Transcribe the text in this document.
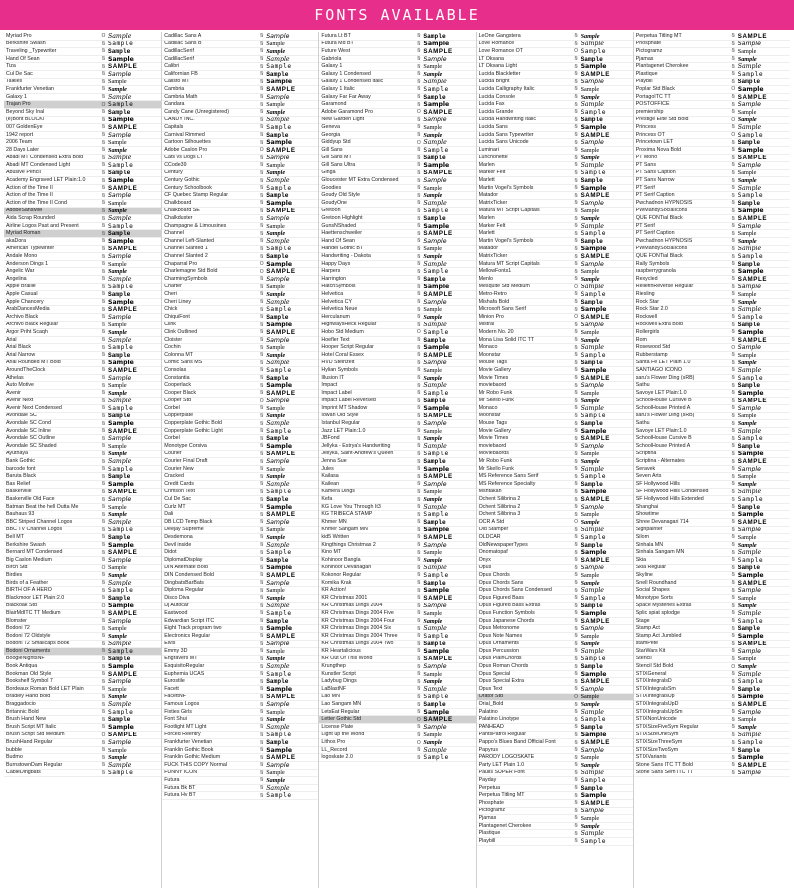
FONTS AVAILABLE
Myriad Pro	O Sample
Berkshire Swash	Ꞩ Sample
Traveling _Typewriter	Ꞩ Sample
Hand Of Sean	Ꞩ Sample
Tiza	Ꞩ SAMPLE
Cul De Sac	Ꞩ Sample
Talkies	Ꞩ Sample
Frankfurter Venetian	Ꞩ Sample
Galaxy 1	Ꞩ Sample
Trajan Pro	O Sample
Beyond Sky Inal	Ꞩ Sample
(e)Bont BLOCKi	Ꞩ Sample
007 GoldenEye	Ꞩ SAMPLE
1942 report	Ꞩ Sample
2006 Team	Ꞩ Sample
28 Days Later	Ꞩ Sample
Abadi MT Condensed Extra Bold	Ꞩ Sample
Abadi MT Condensed Light	Ꞩ Sample
Abusive Pencil	Ꞩ Sample
Academy Engraved LET Plain:1.0	Ꞩ Sample
Action of the Time II	Ꞩ SAMPLE
Action of the Time II	Ꞩ Sample
Action of the Time II Cond	Ꞩ Sample
AdobeSansMM	Ꞩ Sample
Aida Scrap Rounded	Ꞩ Sample
Airline Logos Past and Present	Ꞩ Sample
Myriad Roman	Ꞩ Sample
akaDora	Ꞩ Sample
American Typewriter	Ꞩ SAMPLE
Andale Mono	Ꞩ Sample
Anderson Dings 1	Ꞩ Sample
Angelic War	Ꞩ Sample
Angelina	Ꞩ Sample
Apple Braille	Ꞩ Sample
Apple Casual	Ꞩ Sample
Apple Chancery	Ꞩ Sample
ArabDancesMedia	Ꞩ SAMPLE
Archivo Black	Ꞩ Sample
Archivo Black Regular	Ꞩ Sample
Argor Priht Scaqh	Ꞩ Sample
Arial	Ꞩ Sample
Arial Black	Ꞩ Sample
Arial Narrow	Ꞩ Sample
Arial Rounded MT Bold	Ꞩ Sample
AroundTheClock	Ꞩ SAMPLE
Athelas	Ꞩ Sample
Auto Motive	Ꞩ Sample
Avenir	Ꞩ Sample
Avenir Next	Ꞩ Sample
Avenir Next Condensed	Ꞩ Sample
Avondale SC	Ꞩ Sample
Avondale SC Cond	Ꞩ Sample
Avondale SC Inline	Ꞩ SAMPLE
Avondale SC Outline	Ꞩ Sample
Avondale SC Shaded	Ꞩ Sample
Ayuthaya	Ꞩ Sample
Bank Gothic	Ꞩ Sample
barcode font	Ꞩ Sample
Baruta Black	Ꞩ Sample
Bas Relief	Ꞩ Sample
Baskerville	Ꞩ SAMPLE
Baskerville Old Face	Ꞩ Sample
Batman Beat the hell Outta Me	Ꞩ Sample
Bauhaus 93	Ꞩ Sample
BBC Striped Channel Logos	Ꞩ Sample
BBC TV Channel Logos	Ꞩ Sample
Bell MT	Ꞩ Sample
Berkshire Swash	Ꞩ Sample
Bernard MT Condensed	Ꞩ SAMPLE
Big Caslon Medium	Ꞩ Sample
Birch Std	O Sample
Birdies	Ꞩ Sample
Birds of a Feather	Ꞩ Sample
BIRTH OF A HERO	Ꞩ Sample
Blackmoor LET Plain:2.0	Ꞩ Sample
Blackoak Std	O Sample
BlairMdITC TT Medium	Ꞩ SAMPLE
Blomster	Ꞩ Sample
Bodoni 72	Ꞩ Sample
Bodoni 72 Oldstyle	Ꞩ Sample
Bodoni 72 Smallcaps Book	Ꞩ Sample
Bodoni Ornaments	Ꞩ Sample
BoogieNightsNF	Ꞩ Sample
Book Antiqua	Ꞩ Sample
Bookman Old Style	Ꞩ SAMPLE
Bookshelf Symbol 7	Ꞩ Sample
Bordeaux Roman Bold LET Plain	Ꞩ Sample
Bradley Hand Bold	Ꞩ Sample
Braggadocio	Ꞩ Sample
Britannic Bold	Ꞩ Sample
Brush Hand New	Ꞩ Sample
Brush Script MT Italic	Ꞩ Sample
Brush Script Std Medium	O SAMPLE
BrushHand Regular	Ꞩ Sample
bubble	Ꞩ Sample
Budmo	Ꞩ Sample
BurnstownDam Regular	Ꞩ Sample
CableDingbats	Ꞩ Sample
Cadillac Sans A	Ꞩ Sample
Cadillac Sans B	Ꞩ Sample
CadillacSerif	Ꞩ Sample
CadillacSerif	Ꞩ Sample
Calibri	Ꞩ Sample
Californian FB	Ꞩ Sample
Calisto MT	Ꞩ Sample
Cambria	Ꞩ SAMPLE
Cambria Math	Ꞩ Sample
Candara	Ꞩ Sample
Candy Cane (Unregistered)	Ꞩ Sample
CANDY INC.	Ꞩ Sample
Capitals	Ꞩ Sample
Carnival Rimmed	Ꞩ Sample
Cartoon Silhouettes	Ꞩ Sample
Adobe Caslon Pro	O SAMPLE
Cats vs Dogs LT	Ꞩ Sample
CCode39	Ꞩ Sample
Century	Ꞩ Sample
Century Gothic	Ꞩ Sample
Century Schoolbook	Ꞩ Sample
CF Quebec Stamp Regular	Ꞩ Sample
Chalkboard	Ꞩ Sample
Chalkboard SE	Ꞩ SAMPLE
Chalkduster	Ꞩ Sample
Champagne & Limousines	Ꞩ Sample
Channel	Ꞩ Sample
Channel Left-Slanted	Ꞩ Sample
Channel Slanted 1	Ꞩ Sample
Channel Slanted 2	Ꞩ Sample
Chaparral Pro	O Sample
Charlemagne Std Bold	O SAMPLE
CharmingSymbols	Ꞩ Sample
Charter	Ꞩ Sample
Cheri	Ꞩ Sample
Cheri Liney	Ꞩ Sample
Chick	Ꞩ Sample
ChiquiFont	Ꞩ Sample
Clink	Ꞩ Sample
Clink Outlined	Ꞩ SAMPLE
Cloister	Ꞩ Sample
Cochin	Ꞩ Sample
Colonna MT	Ꞩ Sample
Comic Sans MS	Ꞩ Sample
Consolas	Ꞩ Sample
Constantia	Ꞩ Sample
Cooperlack	Ꞩ Sample
Cooper Black	Ꞩ SAMPLE
Cooper Std	O Sample
Corbel	Ꞩ Sample
Copperplate	Ꞩ Sample
Copperplate Gothic Bold	Ꞩ Sample
Copperplate Gothic Light	Ꞩ Sample
Corbel	Ꞩ Sample
Monotype Corsiva	Ꞩ Sample
Courier	Ꞩ SAMPLE
Courier Final Draft	Ꞩ Sample
Courier New	Ꞩ Sample
Cracked	Ꞩ Sample
Credit Cards	Ꞩ Sample
Crimson Text	Ꞩ Sample
Cul De Sac	Ꞩ Sample
Curlz MT	Ꞩ Sample
Dali	Ꞩ SAMPLE
DB LCD Temp Black	Ꞩ Sample
Deejay Supreme	Ꞩ Sample
Desdemona	Ꞩ Sample
Devil inside	Ꞩ Sample
Didot	Ꞩ Sample
DiplomatDisplay	Ꞩ Sample
DIN Alternate Bold	Ꞩ Sample
DIN Condensed Bold	Ꞩ SAMPLE
DingbatsBarBats	Ꞩ Sample
Diploma Regular	Ꞩ Sample
Disco Diva	Ꞩ Sample
Dj Autocar	Ꞩ Sample
Eastwood	Ꞩ Sample
Edwardian Script ITC	Ꞩ Sample
Eight Track program two	Ꞩ Sample
Electronics Regular	Ꞩ SAMPLE
Elvis	Ꞩ Sample
Emmy 3D	Ꞩ Sample
Engravers MT	Ꞩ Sample
EsquisitoRegular	Ꞩ Sample
Euphemia UCAS	Ꞩ Sample
Eurostile	Ꞩ Sample
Facett	Ꞩ Sample
FacettNF	Ꞩ SAMPLE
Famous Logos	Ꞩ Sample
Fixties Girls	Ꞩ Sample
Font Shui	Ꞩ Sample
Footlight MT Light	Ꞩ Sample
Forced Reentry	Ꞩ Sample
Frankfurter Venetian	Ꞩ Sample
Franklin Gothic Book	Ꞩ Sample
Franklin Gothic Medium	Ꞩ SAMPLE
FUCK THIS COPY Normal	Ꞩ Sample
FUNNY ICON	Ꞩ Sample
Futura	Ꞩ Sample
Futura Bk BT	Ꞩ Sample
Futura Hv BT	Ꞩ Sample
Futura Lt BT	Ꞩ Sample
Futura Md BT	Ꞩ Sample
Future West	Ꞩ SAMPLE
Gabriola	Ꞩ Sample
Galaxy 1	Ꞩ Sample
Galaxy 1 Condensed	Ꞩ Sample
Galaxy 1 Condensed Italic	Ꞩ Sample
Galaxy 1 Italic	Ꞩ Sample
Galaxy Far Far Away	Ꞩ Sample
Garamond	Ꞩ Sample
Adobe Garamond Pro	O SAMPLE
New Garden Light	Ꞩ Sample
Geneva	Ꞩ Sample
Georgia	Ꞩ Sample
Giddyup Std	O Sample
Gill Sans	Ꞩ Sample
Gill Sans MT	Ꞩ Sample
Gill Sans Ultra	Ꞩ Sample
Ginga	Ꞩ SAMPLE
Gloucester MT Extra Condensed	Ꞩ Sample
Goodies	Ꞩ Sample
Goudy Old Style	Ꞩ Sample
GoudyOne	Ꞩ Sample
Gretoon	Ꞩ Sample
Gretoon Highlight	Ꞩ Sample
GunsNShaded	Ꞩ Sample
Haettenschweiler	Ꞩ SAMPLE
Hand Of Sean	Ꞩ Sample
Handel Gothic BT	Ꞩ Sample
Handwriting - Dakota	Ꞩ Sample
Happy Days	Ꞩ Sample
Harpers	Ꞩ Sample
Harrington	Ꞩ Sample
HatchSymbols	Ꞩ Sample
Helvetica	Ꞩ SAMPLE
Helvetica CY	Ꞩ Sample
Helvetica Neue	Ꞩ Sample
Herculanum	Ꞩ Sample
HighwaysHeck Regular	Ꞩ Sample
Hobo Std Medium	O Sample
Hoefler Text	Ꞩ Sample
Hooper Script Regular	Ꞩ Sample
Hotel Coral Essex	Ꞩ SAMPLE
HVD Steinzeit	Ꞩ Sample
Hylian Symbols	Ꞩ Sample
Illusion IT	Ꞩ Sample
Impact	Ꞩ Sample
Impact Label	Ꞩ Sample
Impact Label Reversed	Ꞩ Sample
Imprint MT Shadow	Ꞩ Sample
Iowan Old Style	Ꞩ SAMPLE
Istanbul Regular	Ꞩ Sample
Jazz LET Plain:1.0	Ꞩ Sample
JBFond	Ꞩ Sample
Jellyka - Estrya's Handwriting	Ꞩ Sample
Jellyka, Saint-Andrew's Queen	Ꞩ Sample
Jenna Sue	Ꞩ Sample
Jules	Ꞩ Sample
Kailasa	Ꞩ SAMPLE
Kailean	Ꞩ Sample
Kamera Dings	Ꞩ Sample
Kefa	Ꞩ Sample
KG Love You Through It3	Ꞩ Sample
KG TRIBECA STAMP	Ꞩ Sample
Khmer MN	Ꞩ Sample
Khmer Sangam MN	Ꞩ Sample
kid5 Written	Ꞩ SAMPLE
Kingthings Christmas 2	Ꞩ Sample
Kino MT	Ꞩ Sample
Kohinoor Bangla	Ꞩ Sample
Kohinoor Devanagari	Ꞩ Sample
Kokonor Regular	Ꞩ Sample
Komika Krak	Ꞩ Sample
KR Action!	Ꞩ Sample
KR Christmas 2001	Ꞩ SAMPLE
KR Christmas Dings 2004	Ꞩ Sample
KR Christmas Dings 2004 Five	Ꞩ Sample
KR Christmas Dings 2004 Four	Ꞩ Sample
KR Christmas Dings 2004 Six	Ꞩ Sample
KR Christmas Dings 2004 Three	Ꞩ Sample
KR Christmas Dings 2004 Two	Ꞩ Sample
KR Heartalicious	Ꞩ Sample
KR Out Of This World	Ꞩ SAMPLE
Krungthep	Ꞩ Sample
Kunstler Script	Ꞩ Sample
Ladybug Dings	Ꞩ Sample
LaBlastNF	Ꞩ Sample
Lao MN	Ꞩ Sample
Lao Sangam MN	Ꞩ Sample
LetsEat Regular	Ꞩ Sample
Letter Gothic Std	O SAMPLE
License Plate	Ꞩ Sample
Light up the World	Ꞩ Sample
Lithos Pro	O Sample
LL_Record	Ꞩ Sample
logoskate 2.0	Ꞩ Sample
LeOne Gangstera	Ꞩ Sample
Love Romance	Ꞩ Sample
Love Romance OT	O Sample
LT Oksana	Ꞩ Sample
LT Oksana Light	Ꞩ Sample
Lucida Blackletter	Ꞩ SAMPLE
Lucida Bright	Ꞩ Sample
Lucida Calligraphy Italic	Ꞩ Sample
Lucida Console	Ꞩ Sample
Lucida Fax	Ꞩ Sample
Lucida Grande	Ꞩ Sample
Lucida Handwriting Italic	Ꞩ Sample
Lucida Sans	Ꞩ Sample
Lucida Sans Typewriter	Ꞩ SAMPLE
Lucida Sans Unicode	Ꞩ Sample
Luminari	Ꞩ Sample
Lunchonette	Ꞩ Sample
Marlen	Ꞩ Sample
Marker Felt	Ꞩ Sample
Marlett	Ꞩ Sample
Martin Vogel's Symbols	Ꞩ Sample
Matador	Ꞩ SAMPLE
MatrixTicker	Ꞩ Sample
Matura MT Script Capitals	Ꞩ Sample
Marlen	Ꞩ Sample
Marker Felt	Ꞩ Sample
Marlett	Ꞩ Sample
Martin Vogel's Symbols	Ꞩ Sample
Matador	Ꞩ Sample
MatrixTicker	Ꞩ SAMPLE
Matura MT Script Capitals	Ꞩ Sample
MellowFonts1	Ꞩ Sample
Menlo	Ꞩ Sample
Mesquite Std Medium	O Sample
Metro-Retro	Ꞩ Sample
Mishafa Bold	Ꞩ Sample
Microsoft Sans Serif	Ꞩ Sample
Minion Pro	O SAMPLE
Mistral	Ꞩ Sample
Modern No. 20	Ꞩ Sample
Mona Lisa Solid ITC TT	Ꞩ Sample
Monaco	Ꞩ Sample
Moonstar	Ꞩ Sample
Mouse Tags	Ꞩ Sample
Movie Gallery	Ꞩ Sample
Movie Times	Ꞩ SAMPLE
moviebaord	Ꞩ Sample
Mr Robo Funk	Ꞩ Sample
Mr Skello Funk	Ꞩ Sample
Monaco	Ꞩ Sample
Moonstar	Ꞩ Sample
Mouse Tags	Ꞩ Sample
Movie Gallery	Ꞩ Sample
Movie Times	Ꞩ SAMPLE
moviebaord	Ꞩ Sample
Moviebaords	Ꞩ Sample
Mr Robo Funk	Ꞩ Sample
Mr Skello Funk	Ꞩ Sample
MS Reference Sans Serif	Ꞩ Sample
MS Reference Specialty	Ꞩ Sample
Mshtakan	Ꞩ Sample
Ochent Silibrina 2	Ꞩ SAMPLE
Ochent Silibrina 2	Ꞩ Sample
Ochent Silibrina 3	Ꞩ Sample
OCR A Std	O Sample
Old Stamper	Ꞩ Sample
OLDCAR	Ꞩ Sample
OldNewspaperTypes	Ꞩ Sample
Onomatopaf	Ꞩ Sample
Onyx	Ꞩ SAMPLE
Opus	Ꞩ Sample
Opus Chords	Ꞩ Sample
Opus Chords Sans	Ꞩ Sample
Opus Chords Sans Condensed	Ꞩ Sample
Opus Figured Bass	Ꞩ Sample
Opus Figured Bass Extras	Ꞩ Sample
Opus Function Symbols	Ꞩ Sample
Opus Japanese Chords	Ꞩ SAMPLE
Opus Metronome	Ꞩ Sample
Opus Note Names	Ꞩ Sample
Opus Ornaments	Ꞩ Sample
Opus Percussion	Ꞩ Sample
Opus PlainChords	Ꞩ Sample
Opus Roman Chords	Ꞩ Sample
Opus Special	Ꞩ Sample
Opus Special Extra	Ꞩ SAMPLE
Opus Text	Ꞩ Sample
Orator Std	O Sample
Orial_Bold	Ꞩ Sample
Palatino	Ꞩ Sample
Palatino Linotype	Ꞩ Sample
PANHEAD	Ꞩ Sample
PantsPatrol Regular	Ꞩ Sample
Pappo's Blues Band Official Font	Ꞩ SAMPLE
Papyrus	Ꞩ Sample
PARODY LOGOSKATE	Ꞩ Sample
Party LET Plain 1.0	Ꞩ Sample
Paulis SUPER Font	Ꞩ Sample
Payday	Ꞩ Sample
Perpetua	Ꞩ Sample
Perpetua Titling MT	Ꞩ Sample
Phosphate	Ꞩ SAMPLE
Pictogramz	Ꞩ Sample
Pjamas	Ꞩ Sample
Plantagenet Cherokee	Ꞩ Sample
Plastique	Ꞩ Sample
Playbill	Ꞩ Sample
Perpetua Titling MT	Ꞩ SAMPLE
Phosphate	Ꞩ Sample
Pictogramz	Ꞩ Sample
Pjamas	Ꞩ Sample
Plantagenet Cherokee	Ꞩ Sample
Plastique	Ꞩ Sample
Playbill	Ꞩ Sample
Poplar Std Black	O Sample
PortagoITC TT	Ꞩ SAMPLE
POSTOFFICE	Ꞩ Sample
premiership	Ꞩ Sample
Prestige Elite Std Bold	O Sample
Princess	Ꞩ Sample
Princess OT	O Sample
Princetown LET	Ꞩ Sample
Proxima Nova Bold	Ꞩ Sample
PT Mono	Ꞩ SAMPLE
PT Sans	Ꞩ Sample
PT Sans Caption	Ꞩ Sample
PT Sans Narrow	Ꞩ Sample
PT Serif	Ꞩ Sample
PT Serif Caption	Ꞩ Sample
Pwchadnon HYPNOSIS	Ꞩ Sample
PWMandySocialIcons	Ꞩ Sample
QUE FONTial Black	Ꞩ SAMPLE
PT Serif	Ꞩ Sample
PT Serif Caption	Ꞩ Sample
Pwchadnon HYPNOSIS	Ꞩ Sample
PWMandySocialIcons	Ꞩ Sample
QUE FONTial Black	Ꞩ Sample
Rally Symbols	Ꞩ Sample
raspberrygranola	Ꞩ Sample
Rexycled	Ꞩ SAMPLE
ReliefinReverse Regular	Ꞩ Sample
Riesling	Ꞩ Sample
Rock Star	Ꞩ Sample
Rock Star 2.0	Ꞩ Sample
Rockwell	Ꞩ Sample
Rockwell Extra Bold	Ꞩ Sample
Rollergirls	Ꞩ Sample
Rom	Ꞩ SAMPLE
Rosewood Std	O Sample
Rubberstamp	Ꞩ Sample
Santa Fe LET Plain 1.0	Ꞩ Sample
SANTIAGO ICONO	Ꞩ Sample
saru's Flower Ding (sRB)	Ꞩ Sample
Sathu	Ꞩ Sample
Savoye LET Plain:1.0	Ꞩ Sample
SchoolHouse Cursive B	Ꞩ SAMPLE
SchoolHouse Printed A	Ꞩ Sample
saru's Flower Ding (sRB)	Ꞩ Sample
Sathu	Ꞩ Sample
Savoye LET Plain:1.0	Ꞩ Sample
SchoolHouse Cursive B	Ꞩ Sample
SchoolHouse Printed A	Ꞩ Sample
Scriptina	Ꞩ Sample
Scriptina - Alternates	Ꞩ SAMPLE
Seravek	Ꞩ Sample
Seven Arts	Ꞩ Sample
SF Hollywood Hills	Ꞩ Sample
SF Hollywood Hills Condensed	Ꞩ Sample
SF Hollywood Hills Extended	Ꞩ Sample
Shanghai	Ꞩ Sample
Showtime	Ꞩ Sample
Shree Devanagari 714	Ꞩ SAMPLE
Signpainter	Ꞩ Sample
Silom	Ꞩ Sample
Sinhala MN	Ꞩ Sample
Sinhala Sangam MN	Ꞩ Sample
Skia	Ꞩ Sample
Skia Regular	Ꞩ Sample
Skyline	Ꞩ Sample
Snell Roundhand	Ꞩ SAMPLE
Social Shapes	Ꞩ Sample
Monotype Sorts	Ꞩ Sample
Space Mysteries Extras	Ꞩ Sample
Splic spiat splodge	Ꞩ Sample
Stage	Ꞩ Sample
Stamp Act	Ꞩ Sample
Stamp Act Jumbled	Ꞩ Sample
stamPete	Ꞩ SAMPLE
StarWars Kit	Ꞩ Sample
Stencil	Ꞩ Sample
Stencil Std Bold	O Sample
STIXGeneral	Ꞩ Sample
STIXIntegralsD	Ꞩ Sample
STIXIntegralsSm	Ꞩ Sample
STIXIntegralsUp	Ꞩ Sample
STIXIntegralsUpD	Ꞩ SAMPLE
STIXIntegralsUpSm	Ꞩ Sample
STIXNonUnicode	Ꞩ Sample
STIXSizeFiveSym Regular	Ꞩ Sample
STIXSizeOneSym	Ꞩ Sample
STIXSizeThreeSym	Ꞩ Sample
STIXSizeTwoSym	Ꞩ Sample
STIXVariants	Ꞩ Sample
Stone Sans ITC TT Bold	Ꞩ SAMPLE
Stone Sans Sem ITC TT	Ꞩ Sample
